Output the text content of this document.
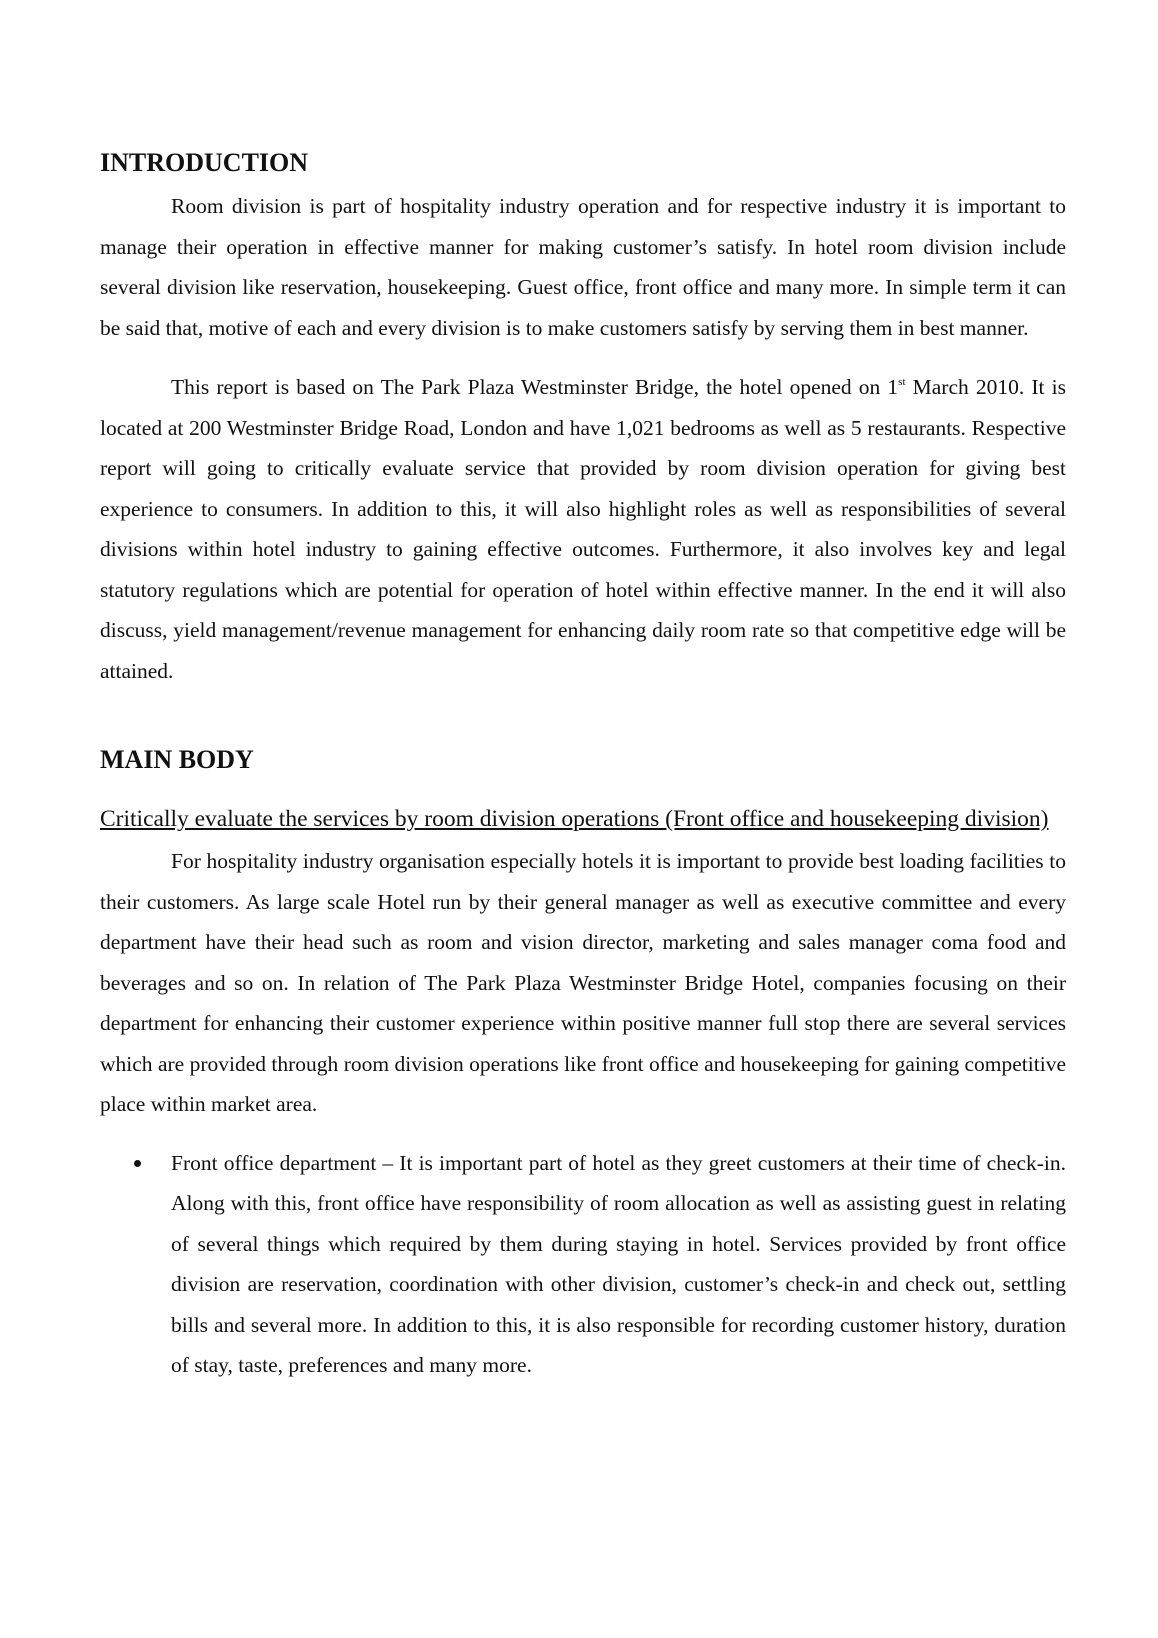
INTRODUCTION

Room division is part of hospitality industry operation and for respective industry it is important to manage their operation in effective manner for making customer’s satisfy. In hotel room division include several division like reservation, housekeeping. Guest office, front office and many more. In simple term it can be said that, motive of each and every division is to make customers satisfy by serving them in best manner.

This report is based on The Park Plaza Westminster Bridge, the hotel opened on 1st March 2010. It is located at 200 Westminster Bridge Road, London and have 1,021 bedrooms as well as 5 restaurants. Respective report will going to critically evaluate service that provided by room division operation for giving best experience to consumers. In addition to this, it will also highlight roles as well as responsibilities of several divisions within hotel industry to gaining effective outcomes. Furthermore, it also involves key and legal statutory regulations which are potential for operation of hotel within effective manner. In the end it will also discuss, yield management/revenue management for enhancing daily room rate so that competitive edge will be attained.

MAIN BODY
Critically evaluate the services by room division operations (Front office and housekeeping division)

For hospitality industry organisation especially hotels it is important to provide best loading facilities to their customers. As large scale Hotel run by their general manager as well as executive committee and every department have their head such as room and vision director, marketing and sales manager coma food and beverages and so on. In relation of The Park Plaza Westminster Bridge Hotel, companies focusing on their department for enhancing their customer experience within positive manner full stop there are several services which are provided through room division operations like front office and housekeeping for gaining competitive place within market area.

Front office department – It is important part of hotel as they greet customers at their time of check-in. Along with this, front office have responsibility of room allocation as well as assisting guest in relating of several things which required by them during staying in hotel. Services provided by front office division are reservation, coordination with other division, customer’s check-in and check out, settling bills and several more. In addition to this, it is also responsible for recording customer history, duration of stay, taste, preferences and many more.
